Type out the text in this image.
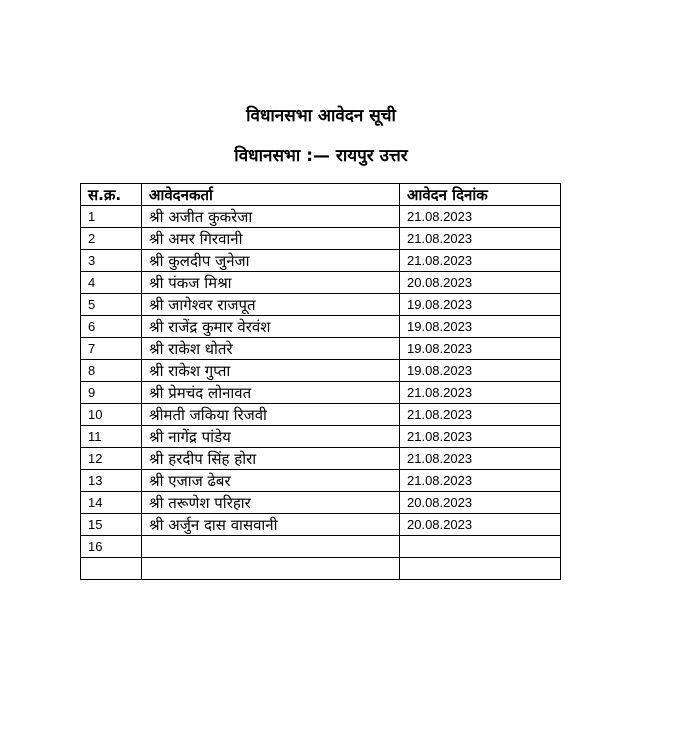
विधानसभा आवेदन सूची
विधानसभा :— रायपुर उत्तर
स.क्र.	आवेदनकर्ता	आवेदन दिनांक
1	श्री अजीत कुकरेजा	21.08.2023
2	श्री अमर गिरवानी	21.08.2023
3	श्री कुलदीप जुनेजा	21.08.2023
4	श्री पंकज मिश्रा	20.08.2023
5	श्री जागेश्वर राजपूत	19.08.2023
6	श्री राजेंद्र कुमार वेरवंश	19.08.2023
7	श्री राकेश धोतरे	19.08.2023
8	श्री राकेश गुप्ता	19.08.2023
9	श्री प्रेमचंद लोनावत	21.08.2023
10	श्रीमती जकिया रिजवी	21.08.2023
11	श्री नागेंद्र पांडेय	21.08.2023
12	श्री हरदीप सिंह होरा	21.08.2023
13	श्री एजाज ढेबर	21.08.2023
14	श्री तरूणेश परिहार	20.08.2023
15	श्री अर्जुन दास वासवानी	20.08.2023
16		
